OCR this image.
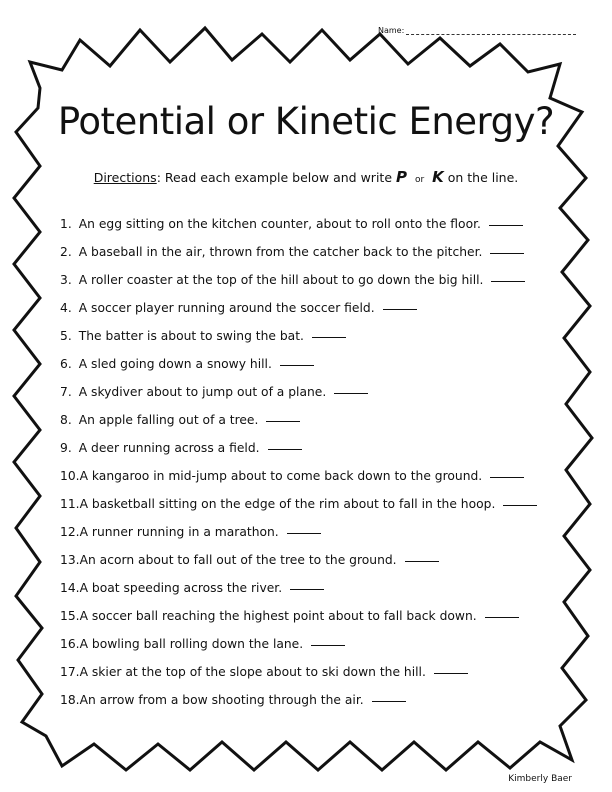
Name:
Potential or Kinetic Energy?
Directions: Read each example below and write P or K on the line.
1. An egg sitting on the kitchen counter, about to roll onto the floor.
2. A baseball in the air, thrown from the catcher back to the pitcher.
3. A roller coaster at the top of the hill about to go down the big hill.
4. A soccer player running around the soccer field.
5. The batter is about to swing the bat.
6. A sled going down a snowy hill.
7. A skydiver about to jump out of a plane.
8. An apple falling out of a tree.
9. A deer running across a field.
10. A kangaroo in mid-jump about to come back down to the ground.
11. A basketball sitting on the edge of the rim about to fall in the hoop.
12. A runner running in a marathon.
13. An acorn about to fall out of the tree to the ground.
14. A boat speeding across the river.
15. A soccer ball reaching the highest point about to fall back down.
16. A bowling ball rolling down the lane.
17. A skier at the top of the slope about to ski down the hill.
18. An arrow from a bow shooting through the air.
Kimberly Baer
